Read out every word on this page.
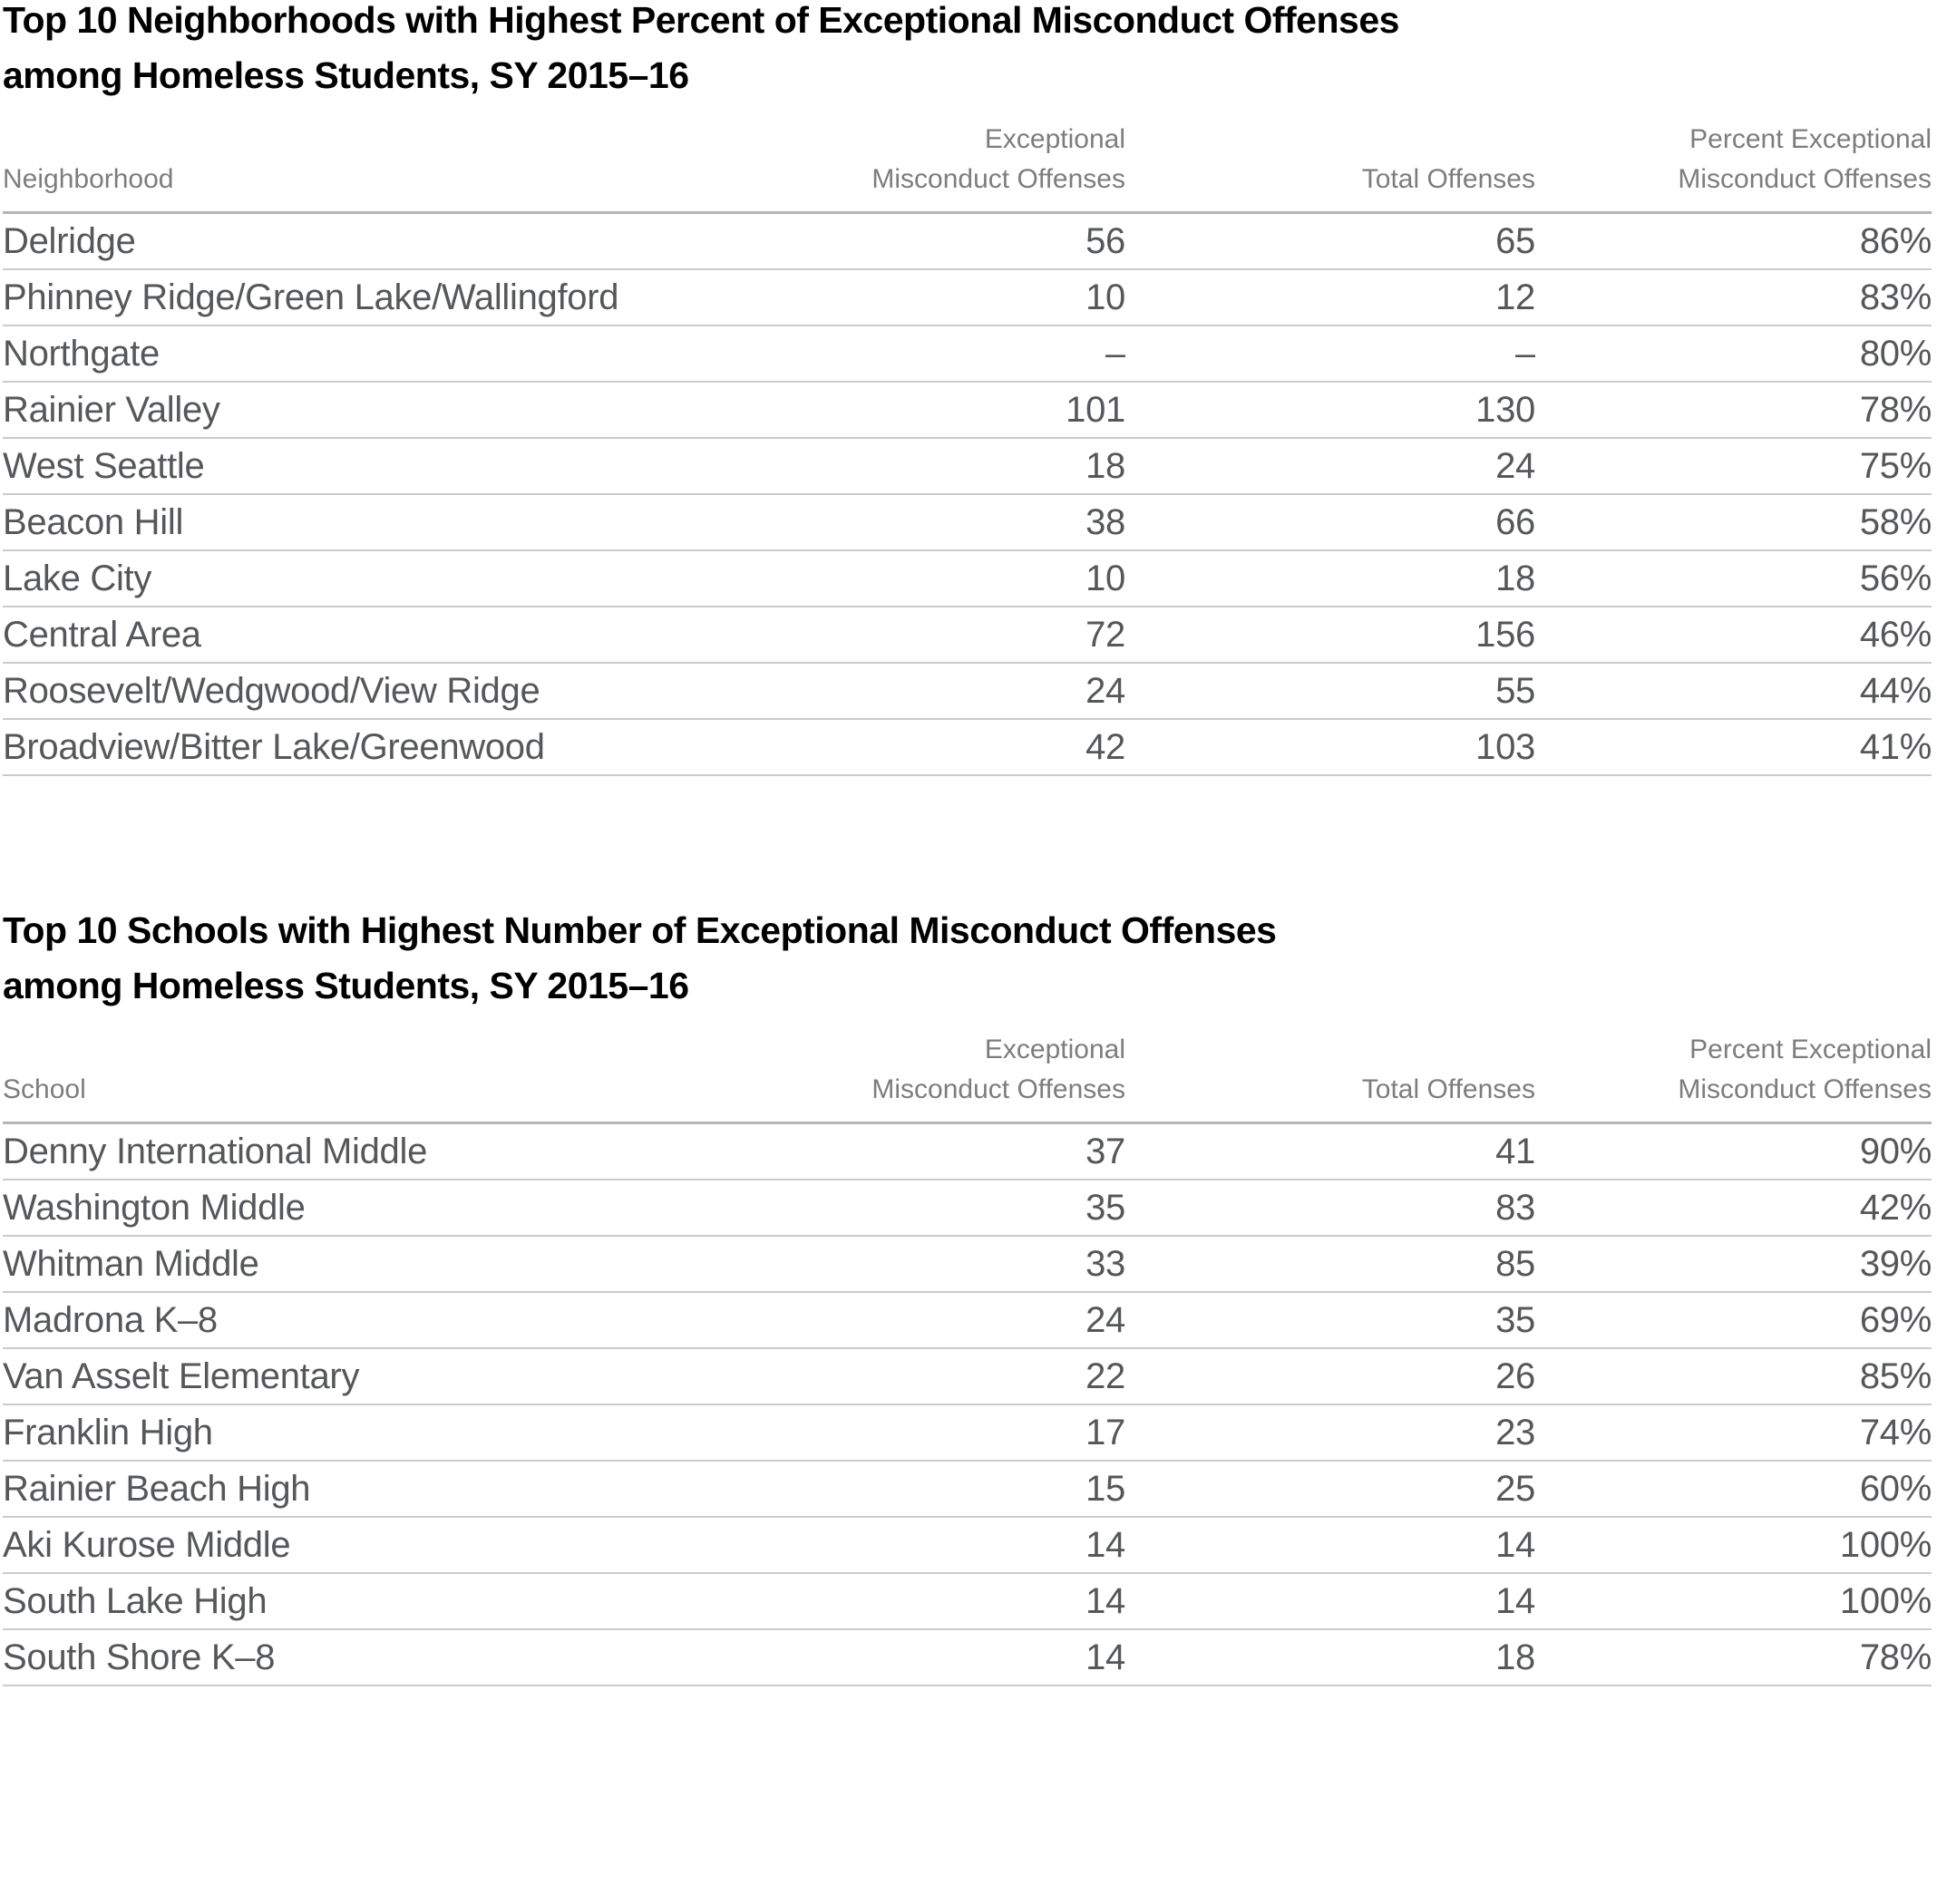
Top 10 Neighborhoods with Highest Percent of Exceptional Misconduct Offenses
among Homeless Students, SY 2015–16
Neighborhood	Exceptional
Misconduct Offenses	Total Offenses	Percent Exceptional
Misconduct Offenses
Delridge	56	65	86%
Phinney Ridge/Green Lake/Wallingford	10	12	83%
Northgate	–	–	80%
Rainier Valley	101	130	78%
West Seattle	18	24	75%
Beacon Hill	38	66	58%
Lake City	10	18	56%
Central Area	72	156	46%
Roosevelt/Wedgwood/View Ridge	24	55	44%
Broadview/Bitter Lake/Greenwood	42	103	41%
Top 10 Schools with Highest Number of Exceptional Misconduct Offenses
among Homeless Students, SY 2015–16
School	Exceptional
Misconduct Offenses	Total Offenses	Percent Exceptional
Misconduct Offenses
Denny International Middle	37	41	90%
Washington Middle	35	83	42%
Whitman Middle	33	85	39%
Madrona K–8	24	35	69%
Van Asselt Elementary	22	26	85%
Franklin High	17	23	74%
Rainier Beach High	15	25	60%
Aki Kurose Middle	14	14	100%
South Lake High	14	14	100%
South Shore K–8	14	18	78%
